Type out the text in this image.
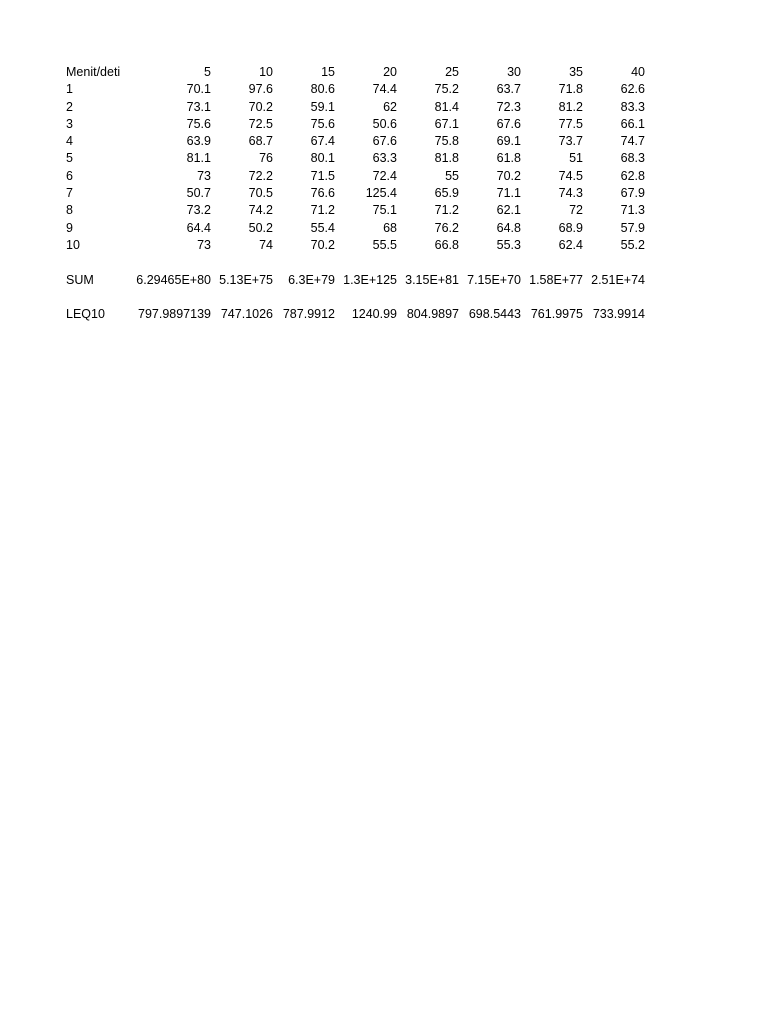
Menit/deti	5	10	15	20	25	30	35	40
1	70.1	97.6	80.6	74.4	75.2	63.7	71.8	62.6
2	73.1	70.2	59.1	62	81.4	72.3	81.2	83.3
3	75.6	72.5	75.6	50.6	67.1	67.6	77.5	66.1
4	63.9	68.7	67.4	67.6	75.8	69.1	73.7	74.7
5	81.1	76	80.1	63.3	81.8	61.8	51	68.3
6	73	72.2	71.5	72.4	55	70.2	74.5	62.8
7	50.7	70.5	76.6	125.4	65.9	71.1	74.3	67.9
8	73.2	74.2	71.2	75.1	71.2	62.1	72	71.3
9	64.4	50.2	55.4	68	76.2	64.8	68.9	57.9
10	73	74	70.2	55.5	66.8	55.3	62.4	55.2

SUM	6.29465E+80	5.13E+75	6.3E+79	1.3E+125	3.15E+81	7.15E+70	1.58E+77	2.51E+74

LEQ10	797.9897139	747.1026	787.9912	1240.99	804.9897	698.5443	761.9975	733.9914
